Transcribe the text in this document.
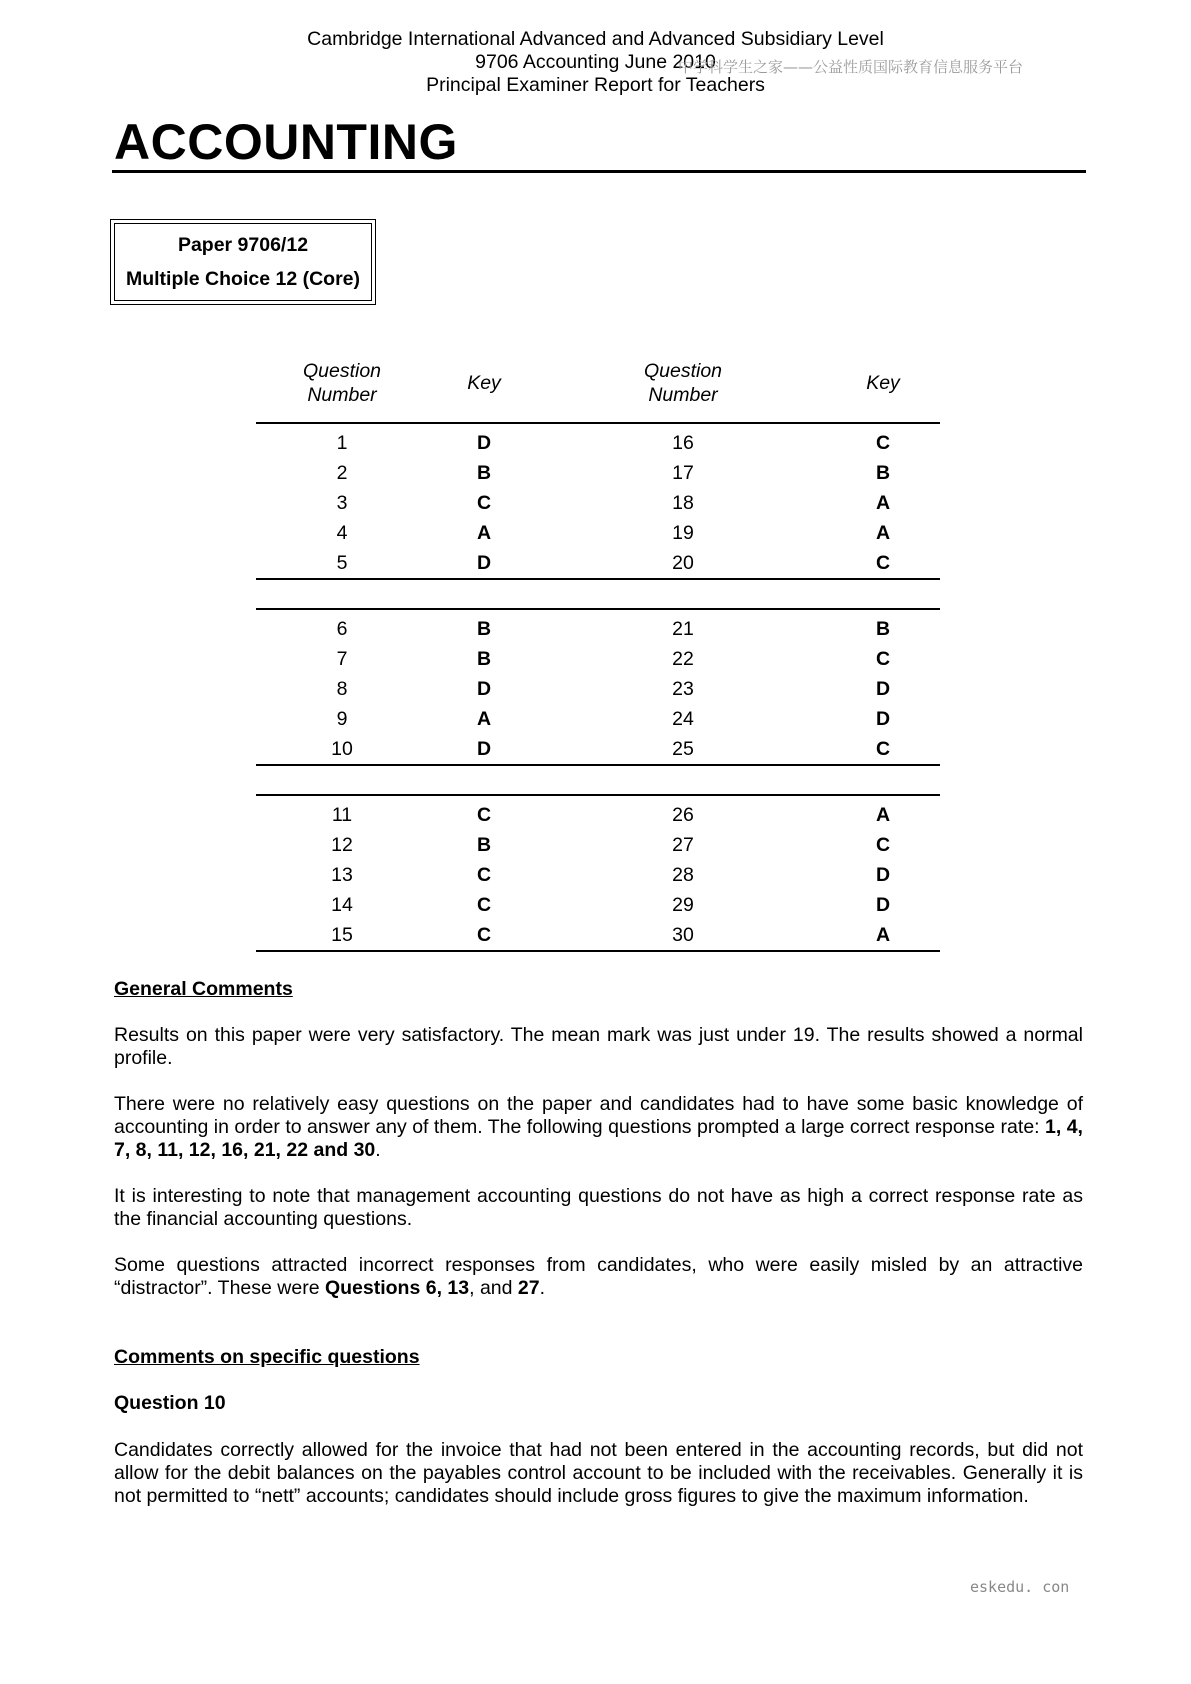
Cambridge International Advanced and Advanced Subsidiary Level
9706 Accounting June 2010
Principal Examiner Report for Teachers
中学科学生之家——公益性质国际教育信息服务平台
ACCOUNTING
Paper 9706/12
Multiple Choice 12 (Core)
Question Number	Key	Question Number	Key
1	D	16	C
2	B	17	B
3	C	18	A
4	A	19	A
5	D	20	C

6	B	21	B
7	B	22	C
8	D	23	D
9	A	24	D
10	D	25	C

11	C	26	A
12	B	27	C
13	C	28	D
14	C	29	D
15	C	30	A
General Comments
Results on this paper were very satisfactory. The mean mark was just under 19. The results showed a normal profile.
There were no relatively easy questions on the paper and candidates had to have some basic knowledge of accounting in order to answer any of them. The following questions prompted a large correct response rate: 1, 4, 7, 8, 11, 12, 16, 21, 22 and 30.
It is interesting to note that management accounting questions do not have as high a correct response rate as the financial accounting questions.
Some questions attracted incorrect responses from candidates, who were easily misled by an attractive “distractor”. These were Questions 6, 13, and 27.
Comments on specific questions
Question 10
Candidates correctly allowed for the invoice that had not been entered in the accounting records, but did not allow for the debit balances on the payables control account to be included with the receivables. Generally it is not permitted to “nett” accounts; candidates should include gross figures to give the maximum information.
eskedu. con
